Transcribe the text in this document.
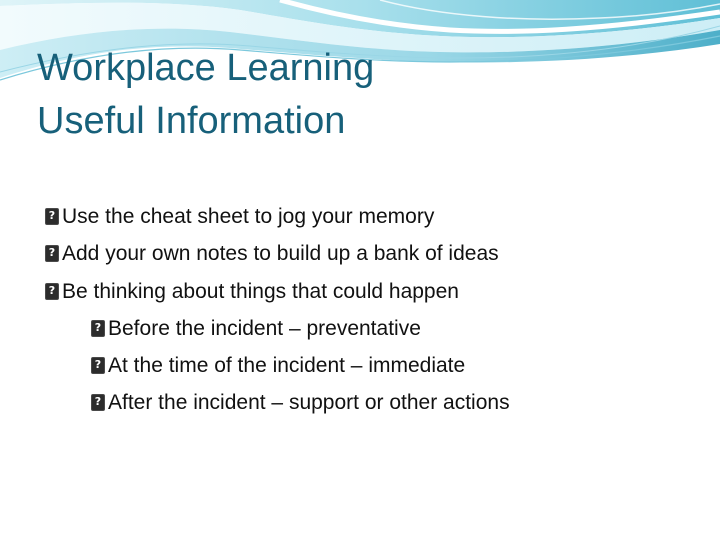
Workplace Learning
Useful Information
?Use the cheat sheet to jog your memory
?Add your own notes to build up a bank of ideas
?Be thinking about things that could happen
?Before the incident – preventative
?At the time of the incident – immediate
?After the incident – support or other actions
